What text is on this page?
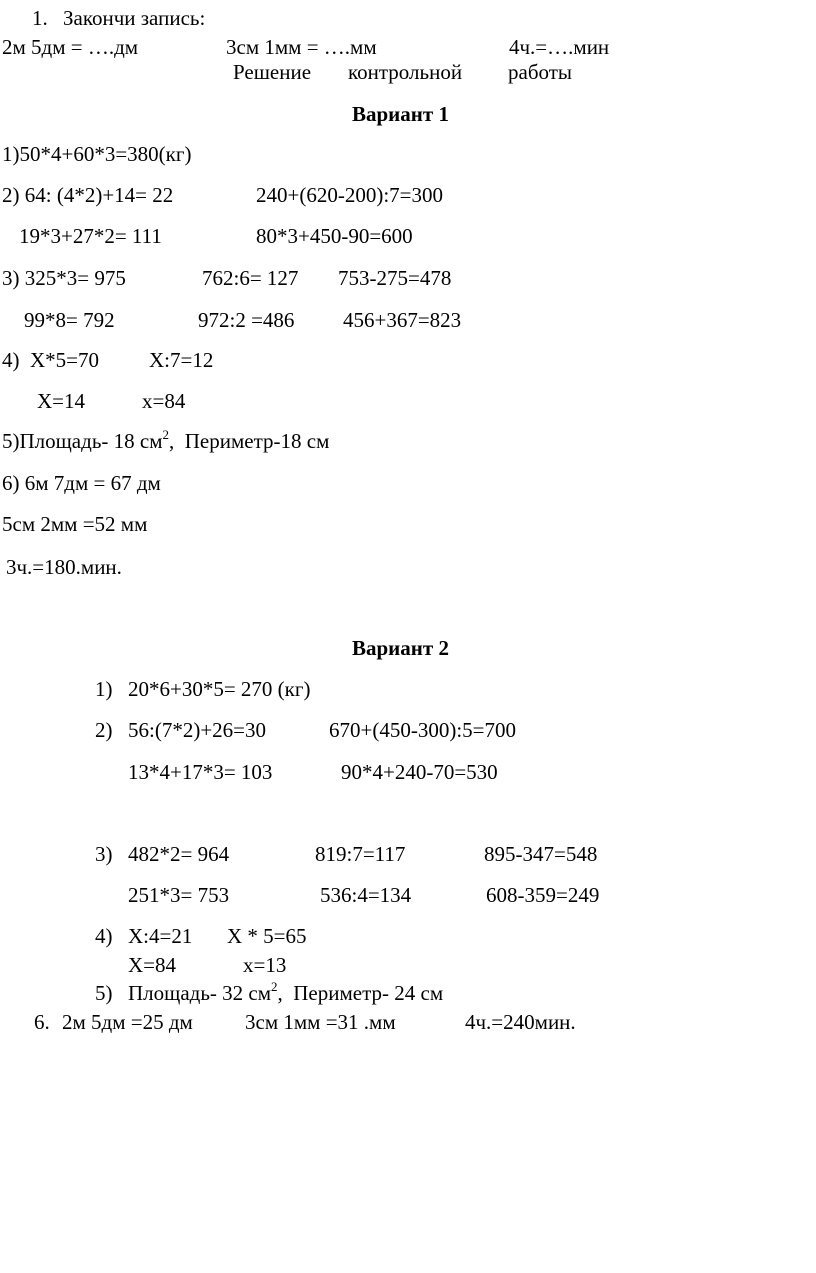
1. Закончи запись:
2м 5дм = ….дм	3см 1мм = ….мм	4ч.=….мин
Решение контрольной работы
Вариант 1
1)50*4+60*3=380(кг)
2) 64: (4*2)+14= 22	240+(620-200):7=300
19*3+27*2= 111	80*3+450-90=600
3) 325*3= 975	762:6= 127 753-275=478
99*8= 792	972:2 =486 456+367=823
4)  X*5=70 X:7=12
X=14	x=84
5)Площадь- 18 $см^2$,  Периметр-18 см
6) 6м 7дм = 67 дм
5см 2мм =52 мм
3ч.=180.мин.
Вариант 2
1) 20*6+30*5= 270 (кг)
2) 56:(7*2)+26=30	670+(450-300):5=700
13*4+17*3= 103	90*4+240-70=530
3) 482*2= 964	819:7=117	895-347=548
251*3= 753	536:4=134	608-359=249
4) X:4=21 X * 5=65
X=84	x=13
5) Площадь- 32 $см^2$,  Периметр- 24 см
6. 2м 5дм =25 дм 3см 1мм =31 .мм	4ч.=240мин.
